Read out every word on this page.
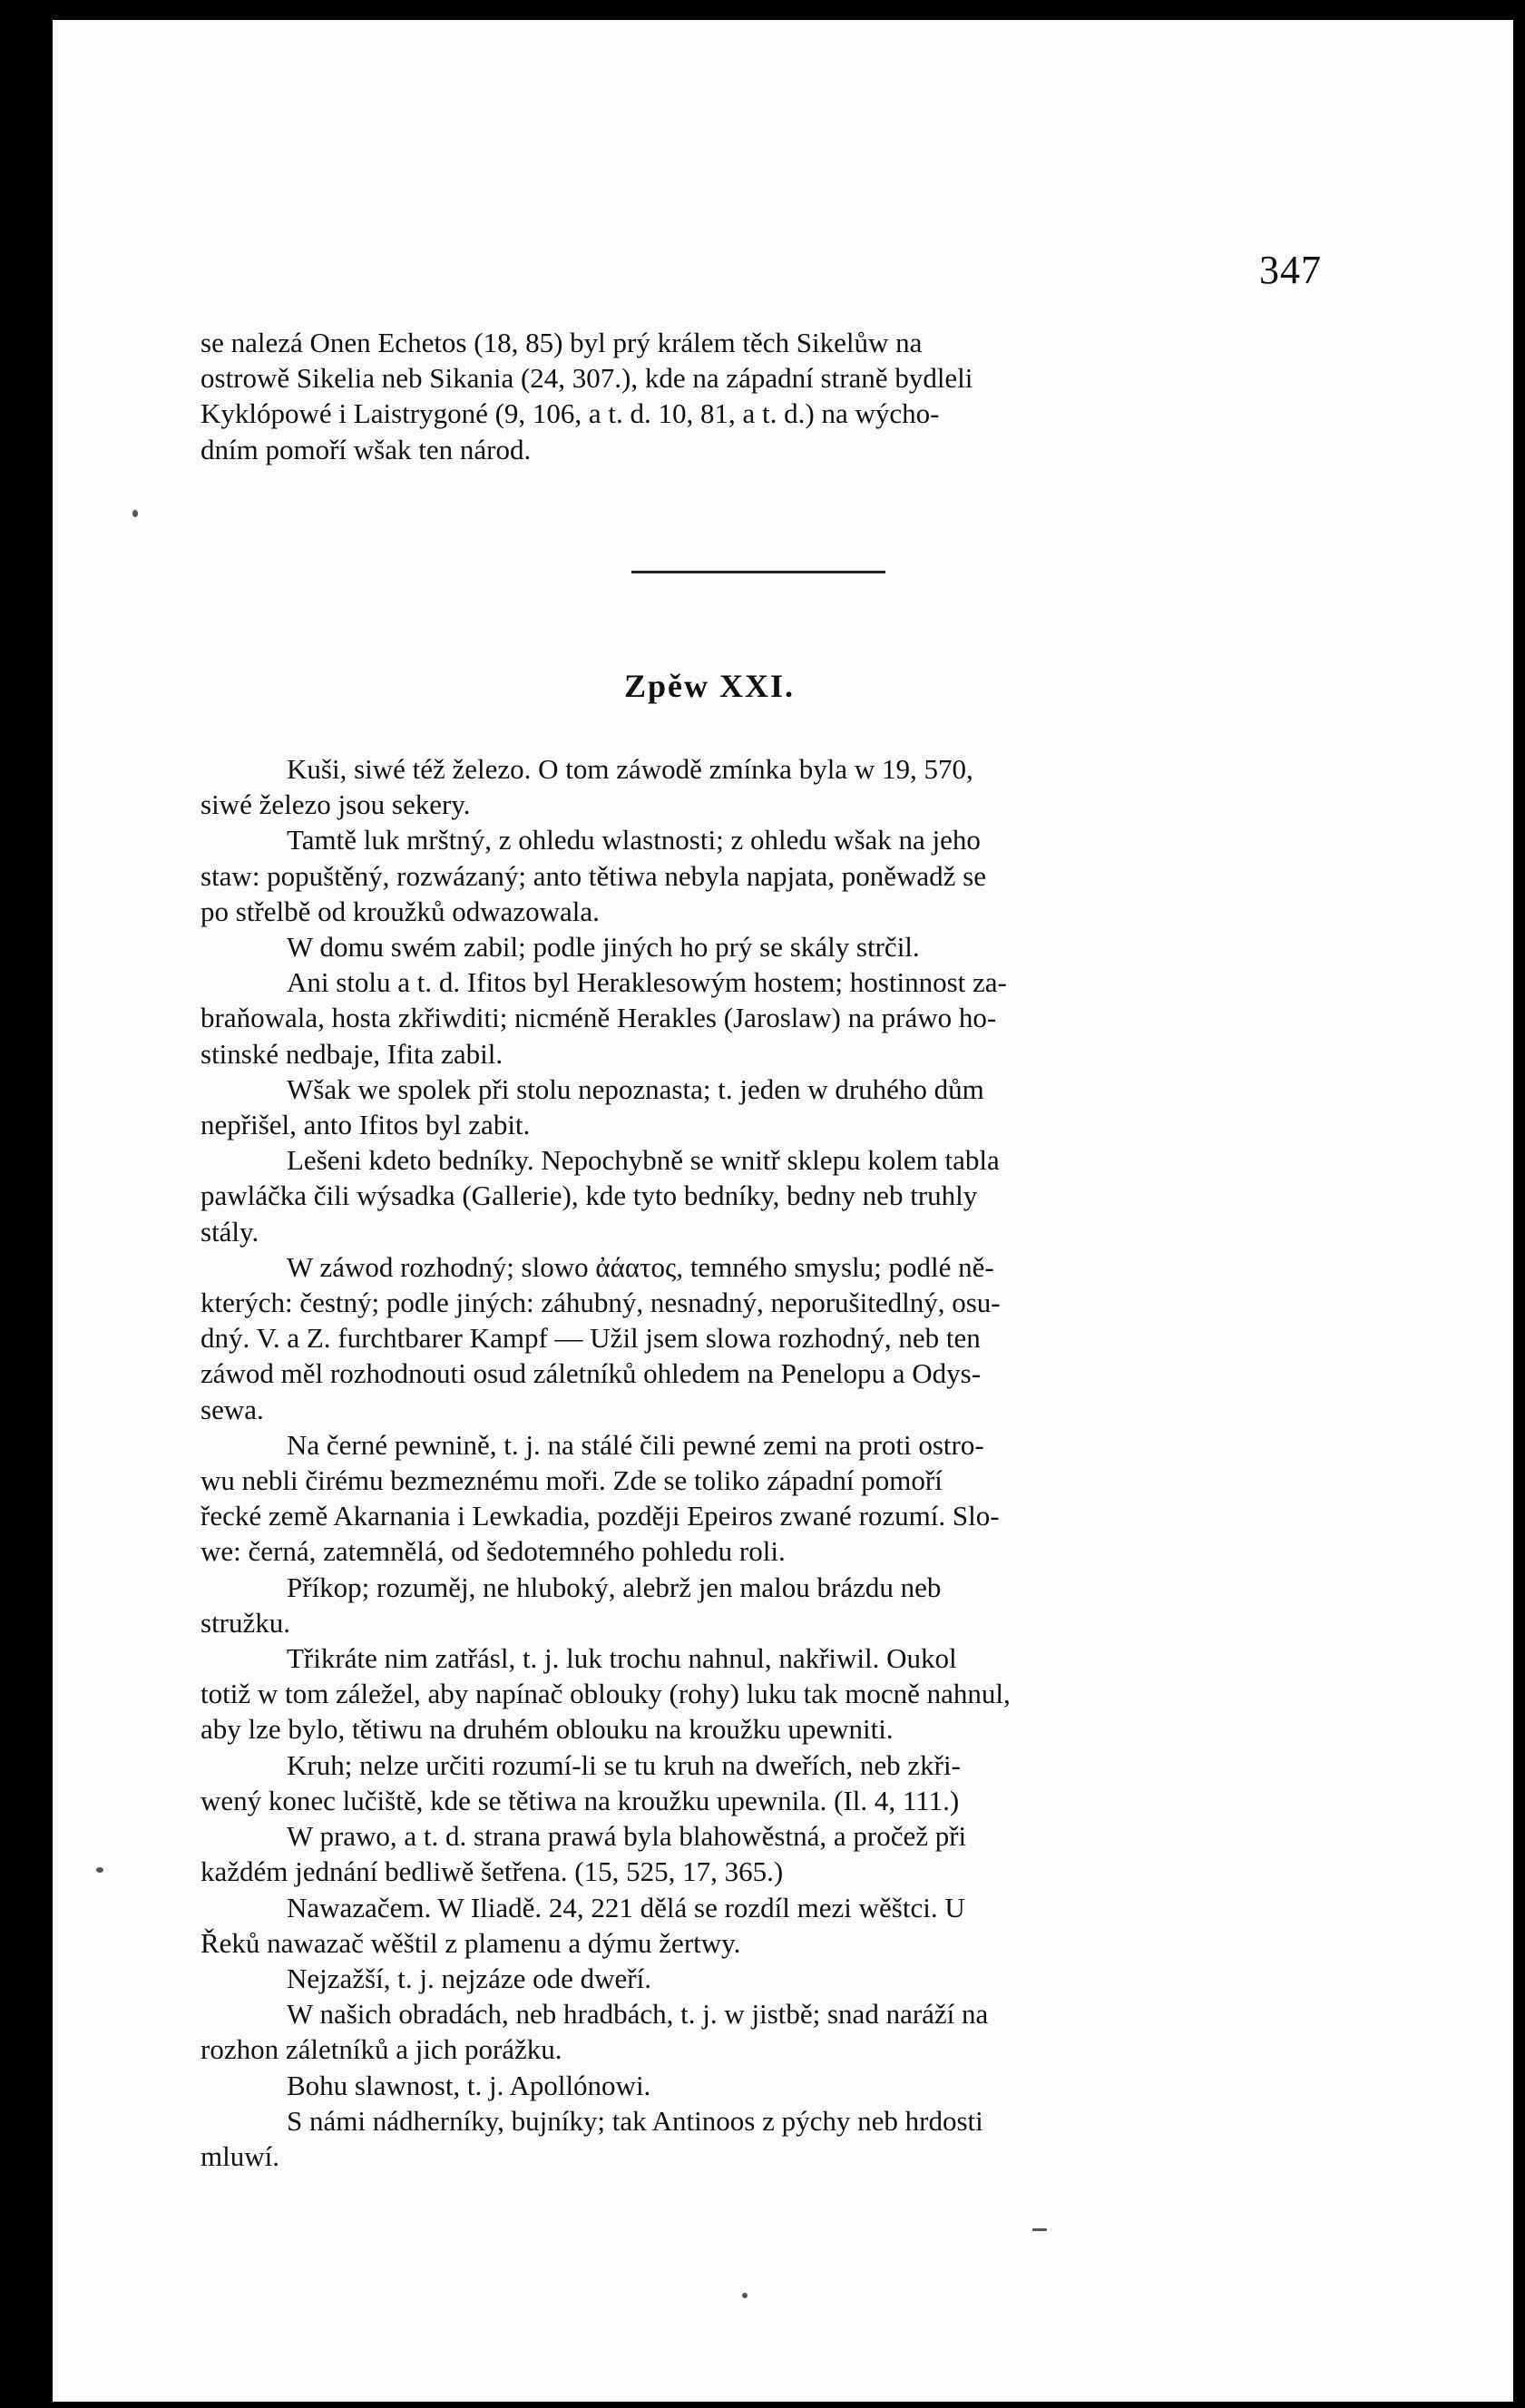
347

se nalezá Onen Echetos (18, 85) byl prý králem těch Sikelůw na

ostrowě Sikelia neb Sikania (24, 307.), kde na západní straně bydleli

Kyklópowé i Laistrygoné (9, 106, a t. d. 10, 81, a t. d.) na wýcho-

dním pomoří wšak ten národ.

Zpěw XXI.

Kuši, siwé též železo. O tom záwodě zmínka byla w 19, 570,

siwé železo jsou sekery.

Tamtě luk mrštný, z ohledu wlastnosti; z ohledu wšak na jeho

staw: popuštěný, rozwázaný; anto tětiwa nebyla napjata, poněwadž se

po střelbě od kroužků odwazowala.

W domu swém zabil; podle jiných ho prý se skály strčil.

Ani stolu a t. d. Ifitos byl Heraklesowým hostem; hostinnost za-

braňowala, hosta zkřiwditi; nicméně Herakles (Jaroslaw) na práwo ho-

stinské nedbaje, Ifita zabil.

Wšak we spolek při stolu nepoznasta; t. jeden w druhého dům

nepřišel, anto Ifitos byl zabit.

Lešeni kdeto bedníky. Nepochybně se wnitř sklepu kolem tabla

pawláčka čili wýsadka (Gallerie), kde tyto bedníky, bedny neb truhly

stály.

W záwod rozhodný; slowo ἀάατος, temného smyslu; podlé ně-

kterých: čestný; podle jiných: záhubný, nesnadný, neporušitedlný, osu-

dný. V. a Z. furchtbarer Kampf — Užil jsem slowa rozhodný, neb ten

záwod měl rozhodnouti osud záletníků ohledem na Penelopu a Odys-

sewa.

Na černé pewnině, t. j. na stálé čili pewné zemi na proti ostro-

wu nebli čirému bezmeznému moři. Zde se toliko západní pomoří

řecké země Akarnania i Lewkadia, později Epeiros zwané rozumí. Slo-

we: černá, zatemnělá, od šedotemného pohledu roli.

Příkop; rozuměj, ne hluboký, alebrž jen malou brázdu neb

stružku.

Třikráte nim zatřásl, t. j. luk trochu nahnul, nakřiwil. Oukol

totiž w tom záležel, aby napínač oblouky (rohy) luku tak mocně nahnul,

aby lze bylo, tětiwu na druhém oblouku na kroužku upewniti.

Kruh; nelze určiti rozumí-li se tu kruh na dweřích, neb zkři-

wený konec lučiště, kde se tětiwa na kroužku upewnila. (Il. 4, 111.)

W prawo, a t. d. strana prawá byla blahowěstná, a pročež při

každém jednání bedliwě šetřena. (15, 525, 17, 365.)

Nawazačem. W Iliadě. 24, 221 dělá se rozdíl mezi wěštci. U

Řeků nawazač wěštil z plamenu a dýmu žertwy.

Nejzažší, t. j. nejzáze ode dweří.

W našich obradách, neb hradbách, t. j. w jistbě; snad naráží na

rozhon záletníků a jich porážku.

Bohu slawnost, t. j. Apollónowi.

S námi nádherníky, bujníky; tak Antinoos z pýchy neb hrdosti

mluwí.
